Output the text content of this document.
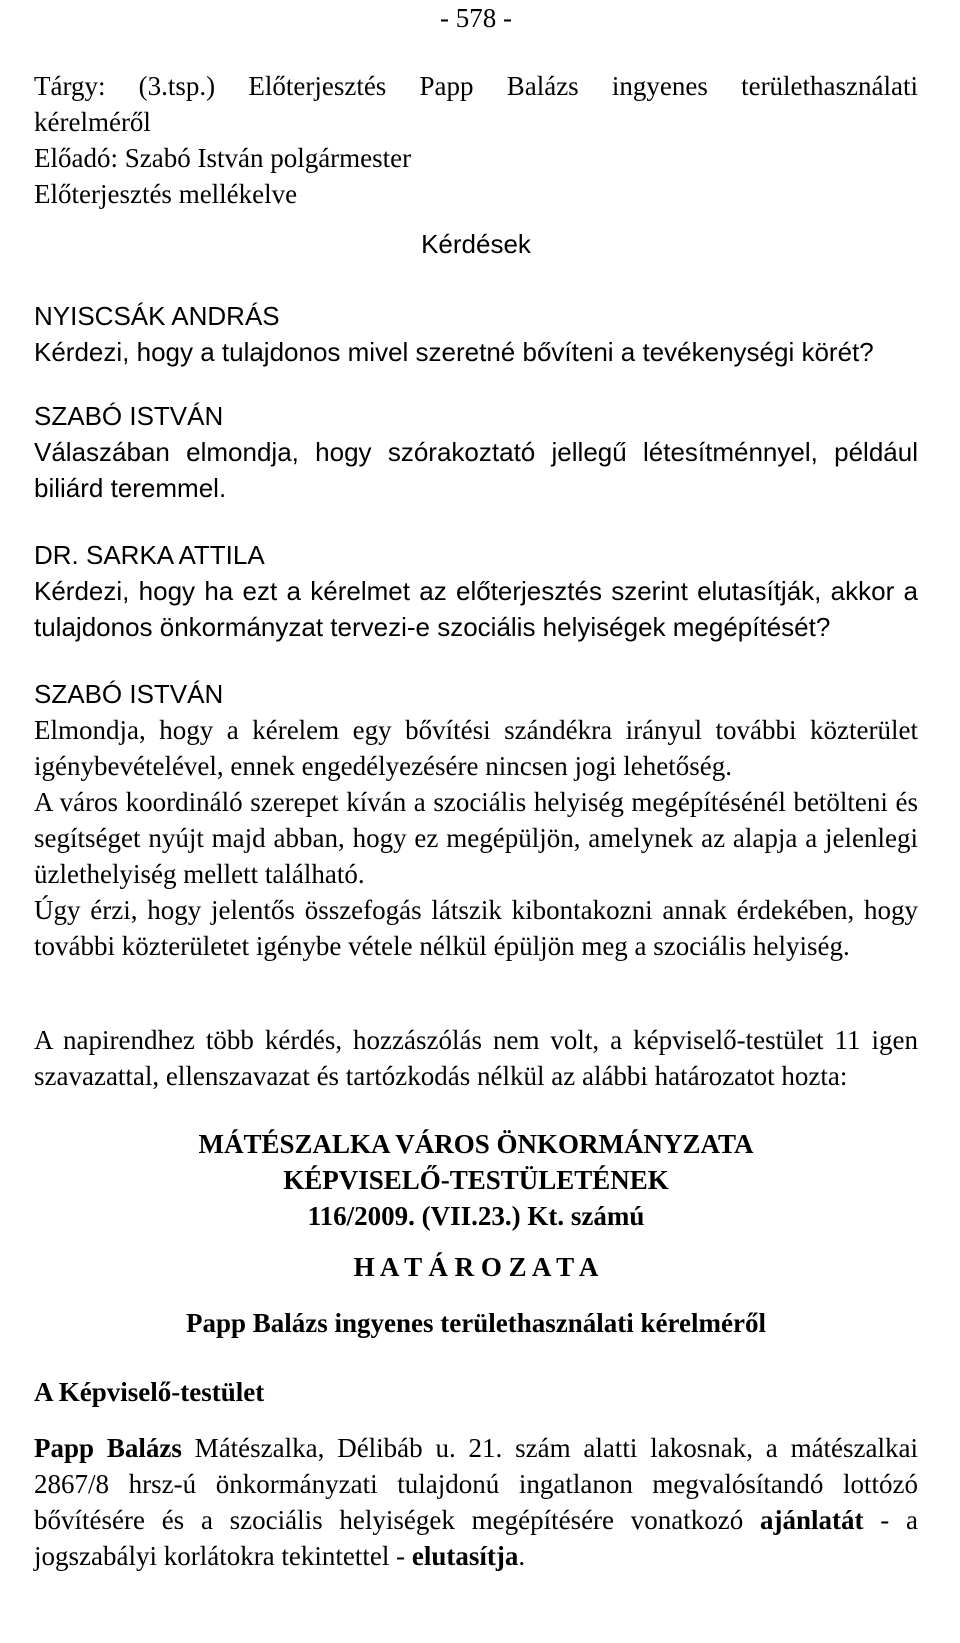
- 578 -

Tárgy: (3.tsp.) Előterjesztés Papp Balázs ingyenes területhasználati

kérelméről

Előadó: Szabó István polgármester

Előterjesztés mellékelve

Kérdések

NYISCSÁK ANDRÁS

Kérdezi, hogy a tulajdonos mivel szeretné bővíteni a tevékenységi körét?

SZABÓ ISTVÁN

Válaszában elmondja, hogy szórakoztató jellegű létesítménnyel, például biliárd teremmel.

DR. SARKA ATTILA

Kérdezi, hogy ha ezt a kérelmet az előterjesztés szerint elutasítják, akkor a tulajdonos önkormányzat tervezi-e szociális helyiségek megépítését?

SZABÓ ISTVÁN

Elmondja, hogy a kérelem egy bővítési szándékra irányul további közterület igénybevételével, ennek engedélyezésére nincsen jogi lehetőség.

A város koordináló szerepet kíván a szociális helyiség megépítésénél betölteni és segítséget nyújt majd abban, hogy ez megépüljön, amelynek az alapja a jelenlegi üzlethelyiség mellett található.

Úgy érzi, hogy jelentős összefogás látszik kibontakozni annak érdekében, hogy további közterületet igénybe vétele nélkül épüljön meg a szociális helyiség.

A napirendhez több kérdés, hozzászólás nem volt, a képviselő-testület 11 igen szavazattal, ellenszavazat és tartózkodás nélkül az alábbi határozatot hozta:

MÁTÉSZALKA VÁROS ÖNKORMÁNYZATA

KÉPVISELŐ-TESTÜLETÉNEK

116/2009. (VII.23.) Kt. számú

H A T Á R O Z A T A

Papp Balázs ingyenes területhasználati kérelméről

A Képviselő-testület

Papp Balázs Mátészalka, Délibáb u. 21. szám alatti lakosnak, a mátészalkai 2867/8 hrsz-ú önkormányzati tulajdonú ingatlanon megvalósítandó lottózó bővítésére és a szociális helyiségek megépítésére vonatkozó ajánlatát - a jogszabályi korlátokra tekintettel - elutasítja.
